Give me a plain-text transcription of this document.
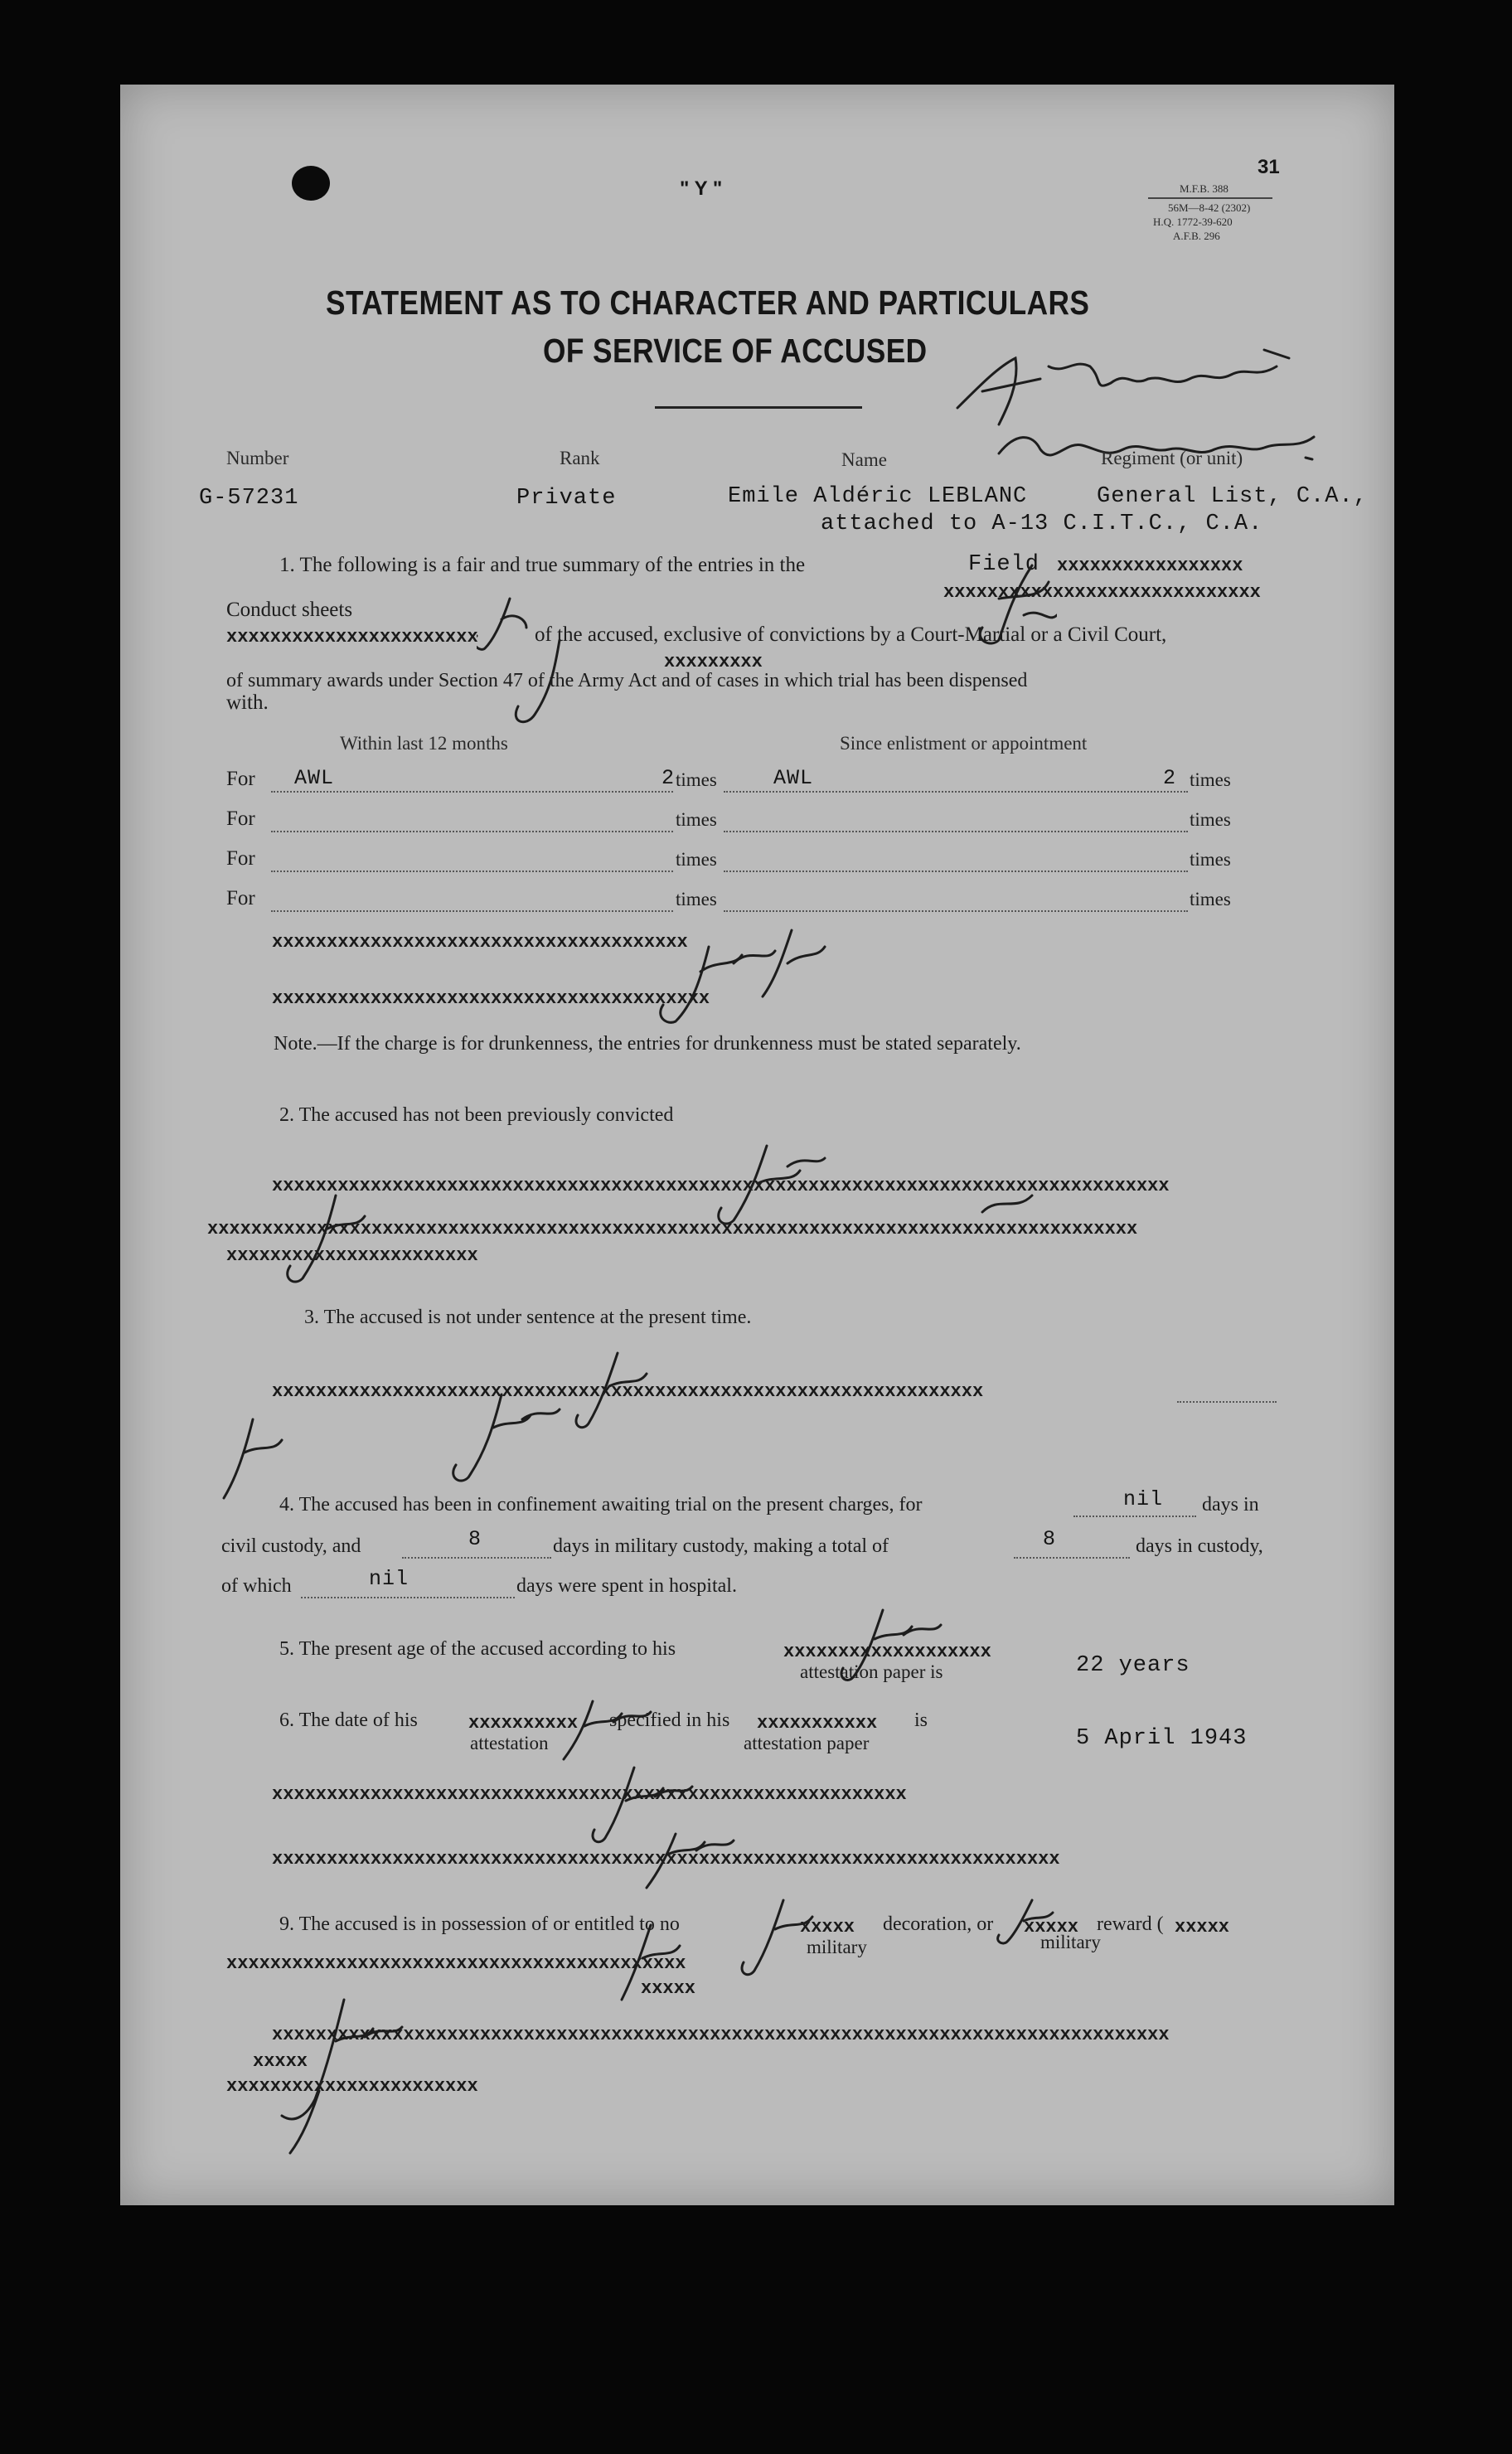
" Y "
31
M.F.B. 388
56M—8-42 (2302)
H.Q. 1772-39-620
A.F.B. 296
STATEMENT AS TO CHARACTER AND PARTICULARS
OF SERVICE OF ACCUSED
Number	Rank	Name	Regiment (or unit)
G-57231	Private	Emile Aldéric LEBLANC	General List, C.A.,
attached to A-13 C.I.T.C., C.A.
1. The following is a fair and true summary of the entries in the	Field xxxxxxxxxxxxxxxxx
xxxxxxxxxxxxxxxxxxxxxxxxxxxxx
Conduct sheets
xxxxxxxxxxxxxxxxxxxxxxx	of the accused, exclusive of convictions by a Court-Martial or a Civil Court,
xxxxxxxxx
of summary awards under Section 47 of the Army Act and of cases in which trial has been dispensed
with.
Within last 12 months	Since enlistment or appointment
For AWL	2 times	AWL	2 times
For	times	times
For	times	times
For	times	times
xxxxxxxxxxxxxxxxxxxxxxxxxxxxxxxxxxxxxx
xxxxxxxxxxxxxxxxxxxxxxxxxxxxxxxxxxxxxxxx
Note.—If the charge is for drunkenness, the entries for drunkenness must be stated separately.
2. The accused has not been previously convicted
xxxxxxxxxxxxxxxxxxxxxxxxxxxxxxxxxxxxxxxxxxxxxxxxxxxxxxxxxxxxxxxxxxxxxxxxxxxxxxxxxx
xxxxxxxxxxxxxxxxxxxxxxxxxxxxxxxxxxxxxxxxxxxxxxxxxxxxxxxxxxxxxxxxxxxxxxxxxxxxxxxxxxxxx
xxxxxxxxxxxxxxxxxxxxxxx
3. The accused is not under sentence at the present time.
xxxxxxxxxxxxxxxxxxxxxxxxxxxxxxxxxxxxxxxxxxxxxxxxxxxxxxxxxxxxxxxxx
4. The accused has been in confinement awaiting trial on the present charges, for	nil days in
civil custody, and	8	days in military custody, making a total of	8	days in custody,
of which	nil	days were spent in hospital.
5. The present age of the accused according to his	xxxxxxxxxxxxxxxxxxx
attestation paper is	22 years
6. The date of his	xxxxxxxxxx	specified in his xxxxxxxxxxx	is
attestation	attestation paper	5 April 1943
xxxxxxxxxxxxxxxxxxxxxxxxxxxxxxxxxxxxxxxxxxxxxxxxxxxxxxxxxx
xxxxxxxxxxxxxxxxxxxxxxxxxxxxxxxxxxxxxxxxxxxxxxxxxxxxxxxxxxxxxxxxxxxxxxxx
9. The accused is in possession of or entitled to no	xxxxx	decoration, or xxxxx reward ( xxxxx
military	military
xxxxxxxxxxxxxxxxxxxxxxxxxxxxxxxxxxxxxxxxxx
xxxxx
xxxxxxxxxxxxxxxxxxxxxxxxxxxxxxxxxxxxxxxxxxxxxxxxxxxxxxxxxxxxxxxxxxxxxxxxxxxxxxxxxx
xxxxx
xxxxxxxxxxxxxxxxxxxxxxx
